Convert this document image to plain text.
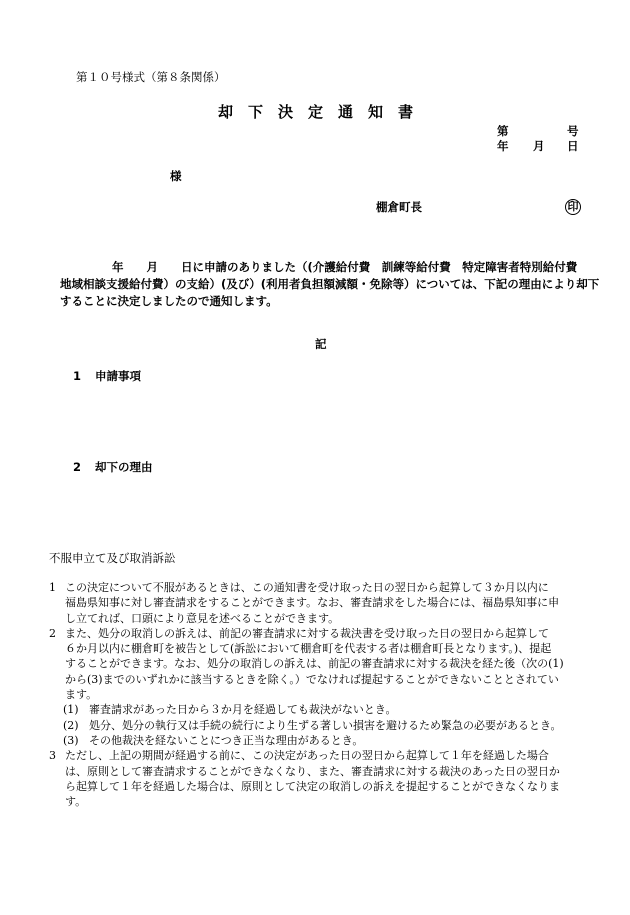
第１０号様式（第８条関係）
却下決定通知書
第	号
年 月 日
様
棚倉町長	印
年　　月　　日に申請のありました（(介護給付費　訓練等給付費　特定障害者特別給付費
地域相談支援給付費）の支給）(及び）(利用者負担額減額・免除等）については、下記の理由により却下
することに決定しましたので通知します。
記
1 申請事項
2 却下の理由
不服申立て及び取消訴訟
1 この決定について不服があるときは、この通知書を受け取った日の翌日から起算して３か月以内に
福島県知事に対し審査請求をすることができます。なお、審査請求をした場合には、福島県知事に申
し立てれば、口頭により意見を述べることができます。
2 また、処分の取消しの訴えは、前記の審査請求に対する裁決書を受け取った日の翌日から起算して
６か月以内に棚倉町を被告として(訴訟において棚倉町を代表する者は棚倉町長となります。)、提起
することができます。なお、処分の取消しの訴えは、前記の審査請求に対する裁決を経た後（次の(1)
から(3)までのいずれかに該当するときを除く。）でなければ提起することができないこととされてい
ます。
(1) 審査請求があった日から３か月を経過しても裁決がないとき。
(2) 処分、処分の執行又は手続の続行により生ずる著しい損害を避けるため緊急の必要があるとき。
(3) その他裁決を経ないことにつき正当な理由があるとき。
3 ただし、上記の期間が経過する前に、この決定があった日の翌日から起算して１年を経過した場合
は、原則として審査請求することができなくなり、また、審査請求に対する裁決のあった日の翌日か
ら起算して１年を経過した場合は、原則として決定の取消しの訴えを提起することができなくなりま
す。
